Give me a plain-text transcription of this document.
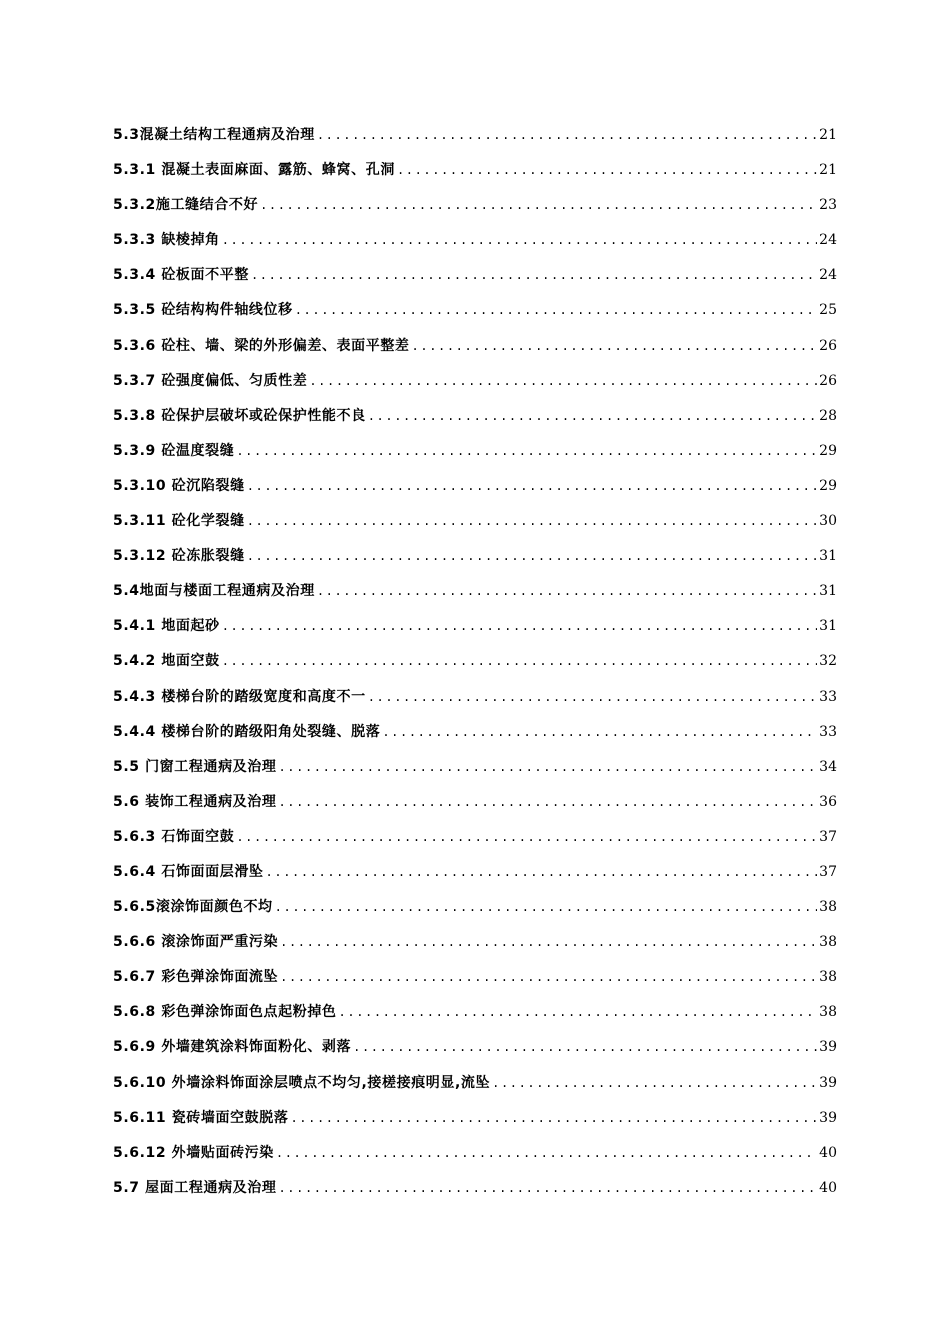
5.3混凝土结构工程通病及治理 .....	21
5.3.1 混凝土表面麻面、露筋、蜂窝、孔洞 .....	21
5.3.2施工缝结合不好 .....	23
5.3.3 缺棱掉角 .....	24
5.3.4 砼板面不平整 .....	24
5.3.5 砼结构构件轴线位移 .....	25
5.3.6 砼柱、墙、梁的外形偏差、表面平整差 .....	26
5.3.7 砼强度偏低、匀质性差 .....	26
5.3.8 砼保护层破坏或砼保护性能不良 .....	28
5.3.9 砼温度裂缝 .....	29
5.3.10 砼沉陷裂缝 .....	29
5.3.11 砼化学裂缝 .....	30
5.3.12 砼冻胀裂缝 .....	31
5.4地面与楼面工程通病及治理 .....	31
5.4.1 地面起砂 .....	31
5.4.2 地面空鼓 .....	32
5.4.3 楼梯台阶的踏级宽度和高度不一 .....	33
5.4.4 楼梯台阶的踏级阳角处裂缝、脱落 .....	33
5.5 门窗工程通病及治理 .....	34
5.6 装饰工程通病及治理 .....	36
5.6.3 石饰面空鼓 .....	37
5.6.4 石饰面面层滑坠 .....	37
5.6.5滚涂饰面颜色不均 .....	38
5.6.6 滚涂饰面严重污染 .....	38
5.6.7 彩色弹涂饰面流坠 .....	38
5.6.8 彩色弹涂饰面色点起粉掉色 .....	38
5.6.9 外墙建筑涂料饰面粉化、剥落 .....	39
5.6.10 外墙涂料饰面涂层喷点不均匀,接槎接痕明显,流坠 .....	39
5.6.11 瓷砖墙面空鼓脱落 .....	39
5.6.12 外墙贴面砖污染 .....	40
5.7 屋面工程通病及治理 .....	40
